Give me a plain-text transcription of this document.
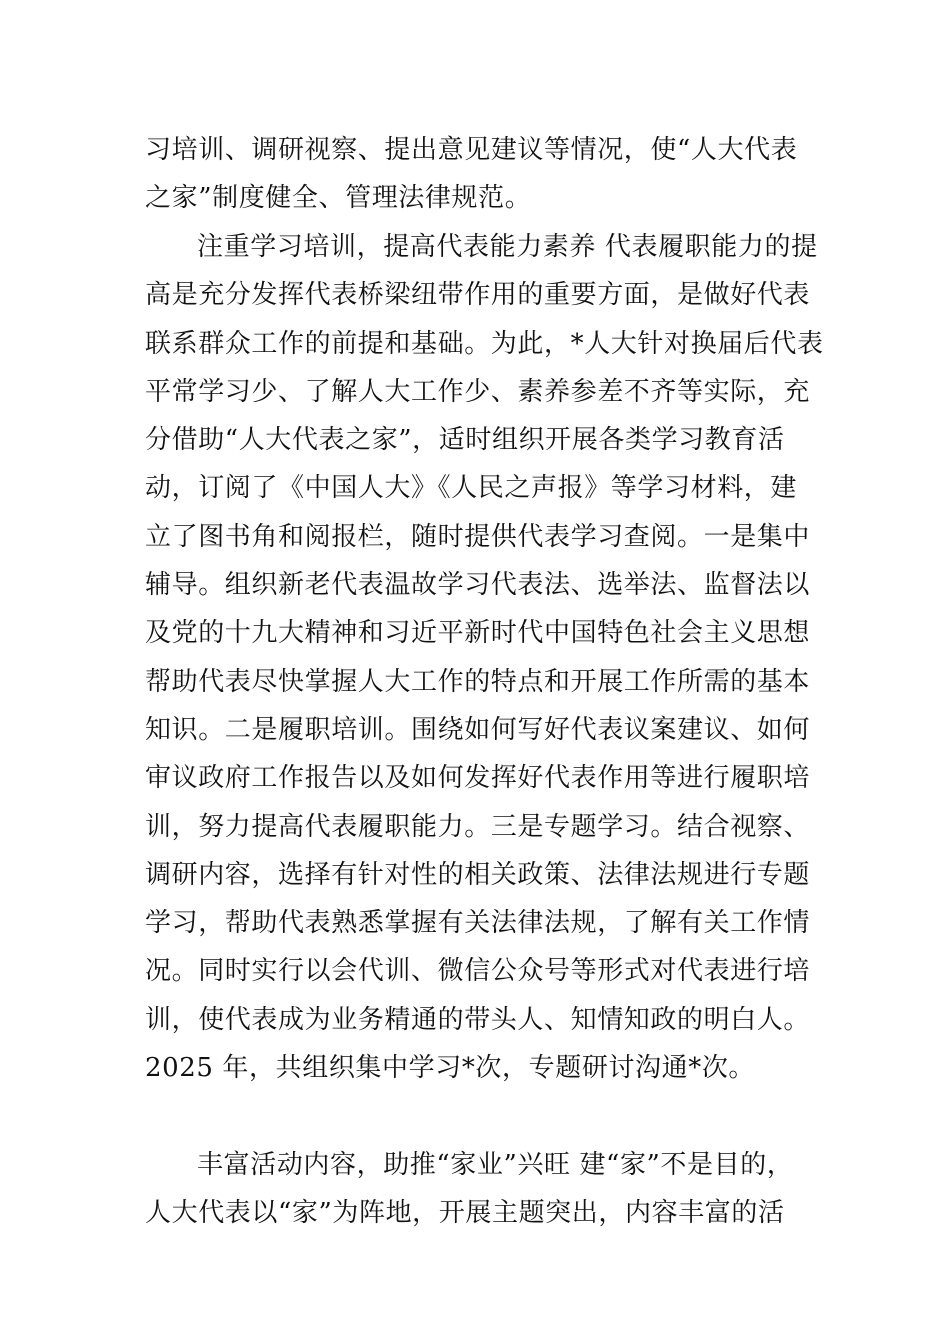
习培训、调研视察、提出意见建议等情况，使“人大代表
之家”制度健全、管理法律规范。
注重学习培训，提高代表能力素养 代表履职能力的提
高是充分发挥代表桥梁纽带作用的重要方面，是做好代表
联系群众工作的前提和基础。为此，*人大针对换届后代表
平常学习少、了解人大工作少、素养参差不齐等实际，充
分借助“人大代表之家”，适时组织开展各类学习教育活
动，订阅了《中国人大》《人民之声报》等学习材料，建
立了图书角和阅报栏，随时提供代表学习查阅。一是集中
辅导。组织新老代表温故学习代表法、选举法、监督法以
及党的十九大精神和习近平新时代中国特色社会主义思想
帮助代表尽快掌握人大工作的特点和开展工作所需的基本
知识。二是履职培训。围绕如何写好代表议案建议、如何
审议政府工作报告以及如何发挥好代表作用等进行履职培
训，努力提高代表履职能力。三是专题学习。结合视察、
调研内容，选择有针对性的相关政策、法律法规进行专题
学习，帮助代表熟悉掌握有关法律法规，了解有关工作情
况。同时实行以会代训、微信公众号等形式对代表进行培
训，使代表成为业务精通的带头人、知情知政的明白人。
2025 年，共组织集中学习*次，专题研讨沟通*次。
丰富活动内容，助推“家业”兴旺 建“家”不是目的，
人大代表以“家”为阵地，开展主题突出，内容丰富的活
